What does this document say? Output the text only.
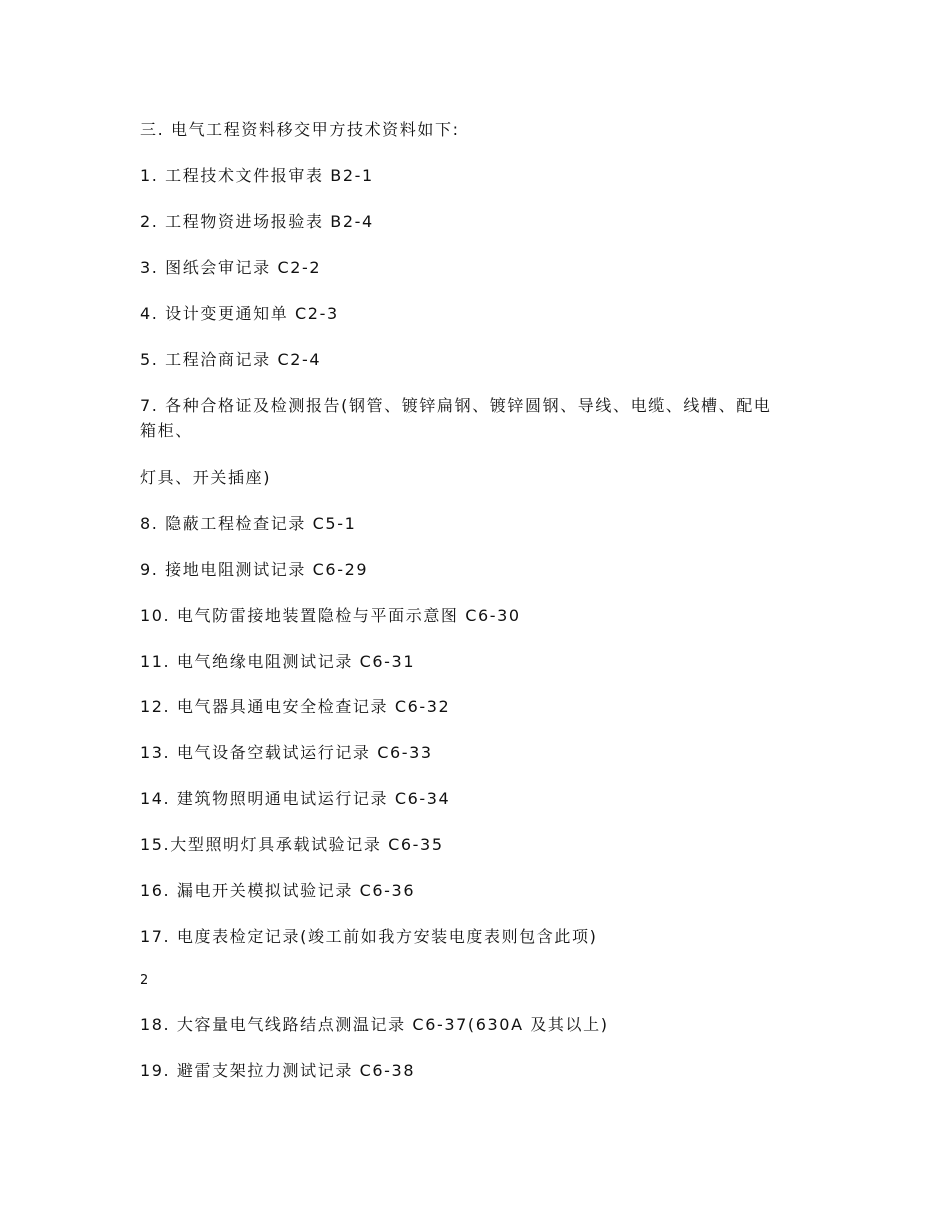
三. 电气工程资料移交甲方技术资料如下:
1. 工程技术文件报审表 B2-1
2. 工程物资进场报验表 B2-4
3. 图纸会审记录 C2-2
4. 设计变更通知单 C2-3
5. 工程洽商记录 C2-4
7. 各种合格证及检测报告(钢管、镀锌扁钢、镀锌圆钢、导线、电缆、线槽、配电
箱柜、
灯具、开关插座)
8. 隐蔽工程检查记录 C5-1
9. 接地电阻测试记录 C6-29
10. 电气防雷接地装置隐检与平面示意图 C6-30
11. 电气绝缘电阻测试记录 C6-31
12. 电气器具通电安全检查记录 C6-32
13. 电气设备空载试运行记录 C6-33
14. 建筑物照明通电试运行记录 C6-34
15.大型照明灯具承载试验记录 C6-35
16. 漏电开关模拟试验记录 C6-36
17. 电度表检定记录(竣工前如我方安装电度表则包含此项)
2
18. 大容量电气线路结点测温记录 C6-37(630A 及其以上)
19. 避雷支架拉力测试记录 C6-38
